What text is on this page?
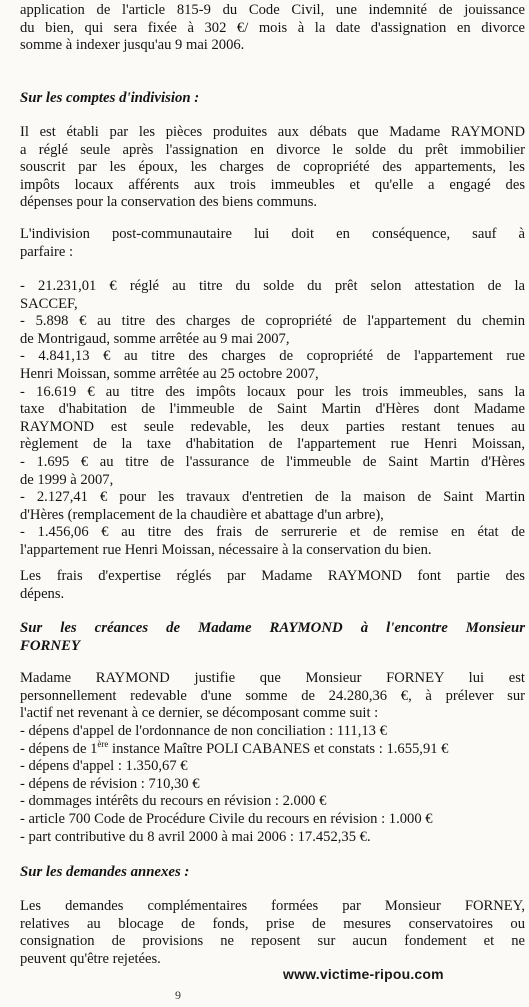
application de l'article 815-9 du Code Civil, une indemnité de jouissance
du bien, qui sera fixée à 302 €/ mois à la date d'assignation en divorce
somme à indexer jusqu'au 9 mai 2006.
Sur les comptes d'indivision :
Il est établi par les pièces produites aux débats que Madame RAYMOND
a réglé seule après l'assignation en divorce le solde du prêt immobilier
souscrit par les époux, les charges de copropriété des appartements, les
impôts locaux afférents aux trois immeubles et qu'elle a engagé des
dépenses pour la conservation des biens communs.
L'indivision post-communautaire lui doit en conséquence, sauf à
parfaire :
- 21.231,01 € réglé au titre du solde du prêt selon attestation de la
SACCEF,
- 5.898 € au titre des charges de copropriété de l'appartement du chemin
de Montrigaud, somme arrêtée au 9 mai 2007,
- 4.841,13 € au titre des charges de copropriété de l'appartement rue
Henri Moissan, somme arrêtée au 25 octobre 2007,
- 16.619 € au titre des impôts locaux pour les trois immeubles, sans la
taxe d'habitation de l'immeuble de Saint Martin d'Hères dont Madame
RAYMOND est seule redevable, les deux parties restant tenues au
règlement de la taxe d'habitation de l'appartement rue Henri Moissan,
- 1.695 € au titre de l'assurance de l'immeuble de Saint Martin d'Hères
de 1999 à 2007,
- 2.127,41 € pour les travaux d'entretien de la maison de Saint Martin
d'Hères (remplacement de la chaudière et abattage d'un arbre),
- 1.456,06 € au titre des frais de serrurerie et de remise en état de
l'appartement rue Henri Moissan, nécessaire à la conservation du bien.
Les frais d'expertise réglés par Madame RAYMOND font partie des
dépens.
Sur les créances de Madame RAYMOND à l'encontre Monsieur
FORNEY
Madame RAYMOND justifie que Monsieur FORNEY lui est
personnellement redevable d'une somme de 24.280,36 €, à prélever sur
l'actif net revenant à ce dernier, se décomposant comme suit :
- dépens d'appel de l'ordonnance de non conciliation : 111,13 €
- dépens de 1ère instance Maître POLI CABANES et constats : 1.655,91 €
- dépens d'appel : 1.350,67 €
- dépens de révision : 710,30 €
- dommages intérêts du recours en révision : 2.000 €
- article 700 Code de Procédure Civile du recours en révision : 1.000 €
- part contributive du 8 avril 2000 à mai 2006 : 17.452,35 €.
Sur les demandes annexes :
Les demandes complémentaires formées par Monsieur FORNEY,
relatives au blocage de fonds, prise de mesures conservatoires ou
consignation de provisions ne reposent sur aucun fondement et ne
peuvent qu'être rejetées.
www.victime-ripou.com
9
